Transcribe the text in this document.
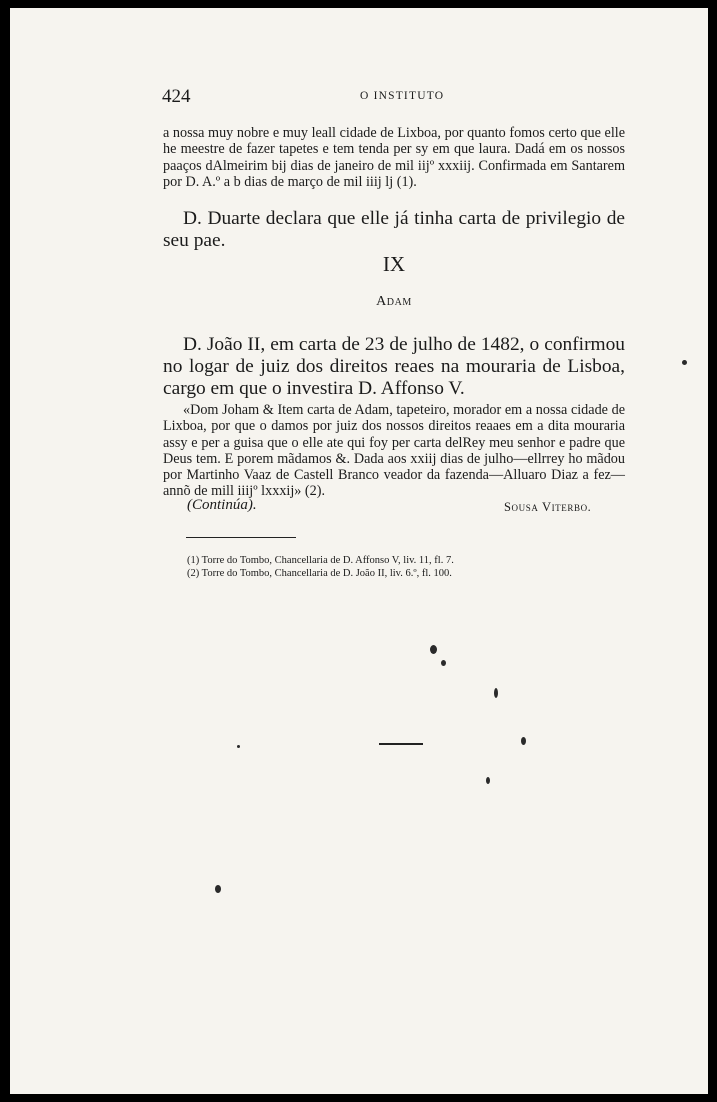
424	O INSTITUTO

a nossa muy nobre e muy leall cidade de Lixboa, por quanto fomos certo que elle he meestre de fazer tapetes e tem tenda per sy em que laura. Dadá em os nossos paaços dAlmeirim bij dias de janeiro de mil iijº xxxiij. Confirmada em Santarem por D. A.º a b dias de março de mil iiij lj (1).

D. Duarte declara que elle já tinha carta de privilegio de seu pae.

IX
Adam

D. João II, em carta de 23 de julho de 1482, o confirmou no logar de juiz dos direitos reaes na mouraria de Lisboa, cargo em que o investira D. Affonso V.

«Dom Joham & Item carta de Adam, tapeteiro, morador em a nossa cidade de Lixboa, por que o damos por juiz dos nossos direitos reaaes em a dita mouraria assy e per a guisa que o elle ate qui foy per carta delRey meu senhor e padre que Deus tem. E porem mãdamos &. Dada aos xxiij dias de julho—ellrrey ho mãdou por Martinho Vaaz de Castell Branco veador da fazenda—Alluaro Diaz a fez—annõ de mill iiijº lxxxij» (2).

(Continúa).	Sousa Viterbo.
(1) Torre do Tombo, Chancellaria de D. Affonso V, liv. 11, fl. 7.
(2) Torre do Tombo, Chancellaria de D. João II, liv. 6.º, fl. 100.
